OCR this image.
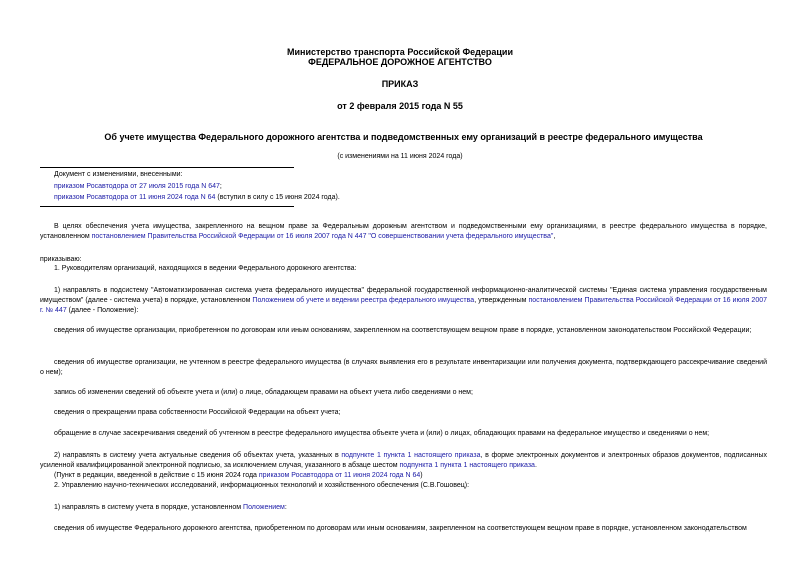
Министерство транспорта Российской Федерации
ФЕДЕРАЛЬНОЕ ДОРОЖНОЕ АГЕНТСТВО
ПРИКАЗ
от 2 февраля 2015 года N 55
Об учете имущества Федерального дорожного агентства и подведомственных ему организаций в реестре федерального имущества
(с изменениями на 11 июня 2024 года)
Документ с изменениями, внесенными:
приказом Росавтодора от 27 июля 2015 года N 647;
приказом Росавтодора от 11 июня 2024 года N 64 (вступил в силу с 15 июня 2024 года).
В целях обеспечения учета имущества, закрепленного на вещном праве за Федеральным дорожным агентством и подведомственными ему организациями, в реестре федерального имущества в порядке, установленном постановлением Правительства Российской Федерации от 16 июля 2007 года N 447 "О совершенствовании учета федерального имущества",
приказываю:
1. Руководителям организаций, находящихся в ведении Федерального дорожного агентства:
1) направлять в подсистему "Автоматизированная система учета федерального имущества" федеральной государственной информационно-аналитической системы "Единая система управления государственным имуществом" (далее - система учета) в порядке, установленном Положением об учете и ведении реестра федерального имущества, утвержденным постановлением Правительства Российской Федерации от 16 июля 2007 г. № 447 (далее - Положение):
сведения об имуществе организации, приобретенном по договорам или иным основаниям, закрепленном на соответствующем вещном праве в порядке, установленном законодательством Российской Федерации;
сведения об имуществе организации, не учтенном в реестре федерального имущества (в случаях выявления его в результате инвентаризации или получения документа, подтверждающего рассекречивание сведений о нем);
запись об изменении сведений об объекте учета и (или) о лице, обладающем правами на объект учета либо сведениями о нем;
сведения о прекращении права собственности Российской Федерации на объект учета;
обращение в случае засекречивания сведений об учтенном в реестре федерального имущества объекте учета и (или) о лицах, обладающих правами на федеральное имущество и сведениями о нем;
2) направлять в систему учета актуальные сведения об объектах учета, указанных в подпункте 1 пункта 1 настоящего приказа, в форме электронных документов и электронных образов документов, подписанных усиленной квалифицированной электронной подписью, за исключением случая, указанного в абзаце шестом подпункта 1 пункта 1 настоящего приказа.
(Пункт в редакции, введенной в действие с 15 июня 2024 года приказом Росавтодора от 11 июня 2024 года N 64)
2. Управлению научно-технических исследований, информационных технологий и хозяйственного обеспечения (С.В.Гошовец):
1) направлять в систему учета в порядке, установленном Положением:
сведения об имуществе Федерального дорожного агентства, приобретенном по договорам или иным основаниям, закрепленном на соответствующем вещном праве в порядке, установленном законодательством
